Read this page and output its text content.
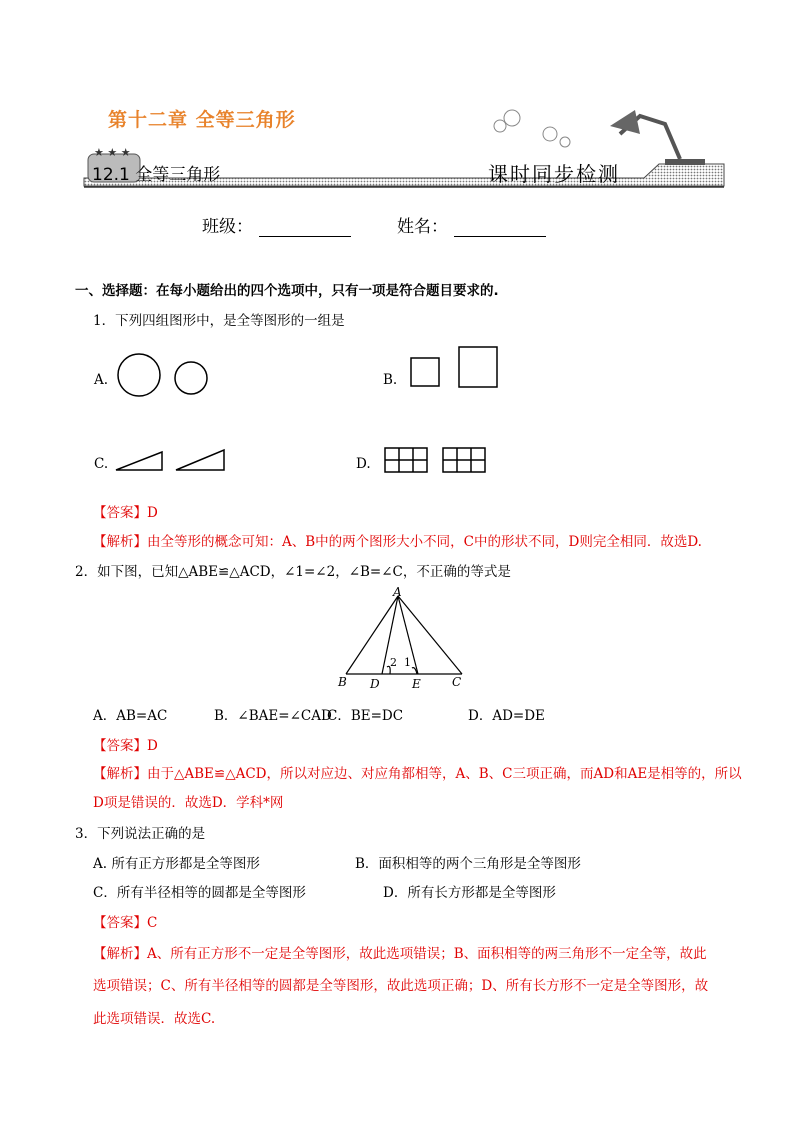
第十二章 全等三角形
★ ★ ★
12.1 全等三角形	课时同步检测
班级：	姓名：
一、选择题：在每小题给出的四个选项中，只有一项是符合题目要求的.
1．下列四组图形中，是全等图形的一组是
A.	B.
C.	D.
【答案】D
【解析】由全等形的概念可知：A、B中的两个图形大小不同，C中的形状不同，D则完全相同．故选D.
2．如下图，已知△ABE≌△ACD，∠1=∠2，∠B=∠C，不正确的等式是
A
B D	E	C
2 1
A．AB=AC	B．∠BAE=∠CAD
C．BE=DC	D．AD=DE
【答案】D
【解析】由于△ABE≌△ACD，所以对应边、对应角都相等，A、B、C三项正确，而AD和AE是相等的，所以
D项是错误的．故选D．学科*网
3．下列说法正确的是
A. 所有正方形都是全等图形	B．面积相等的两个三角形是全等图形
C．所有半径相等的圆都是全等图形	D．所有长方形都是全等图形
【答案】C
【解析】A、所有正方形不一定是全等图形，故此选项错误；B、面积相等的两三角形不一定全等，故此
选项错误；C、所有半径相等的圆都是全等图形，故此选项正确；D、所有长方形不一定是全等图形，故
此选项错误．故选C.
